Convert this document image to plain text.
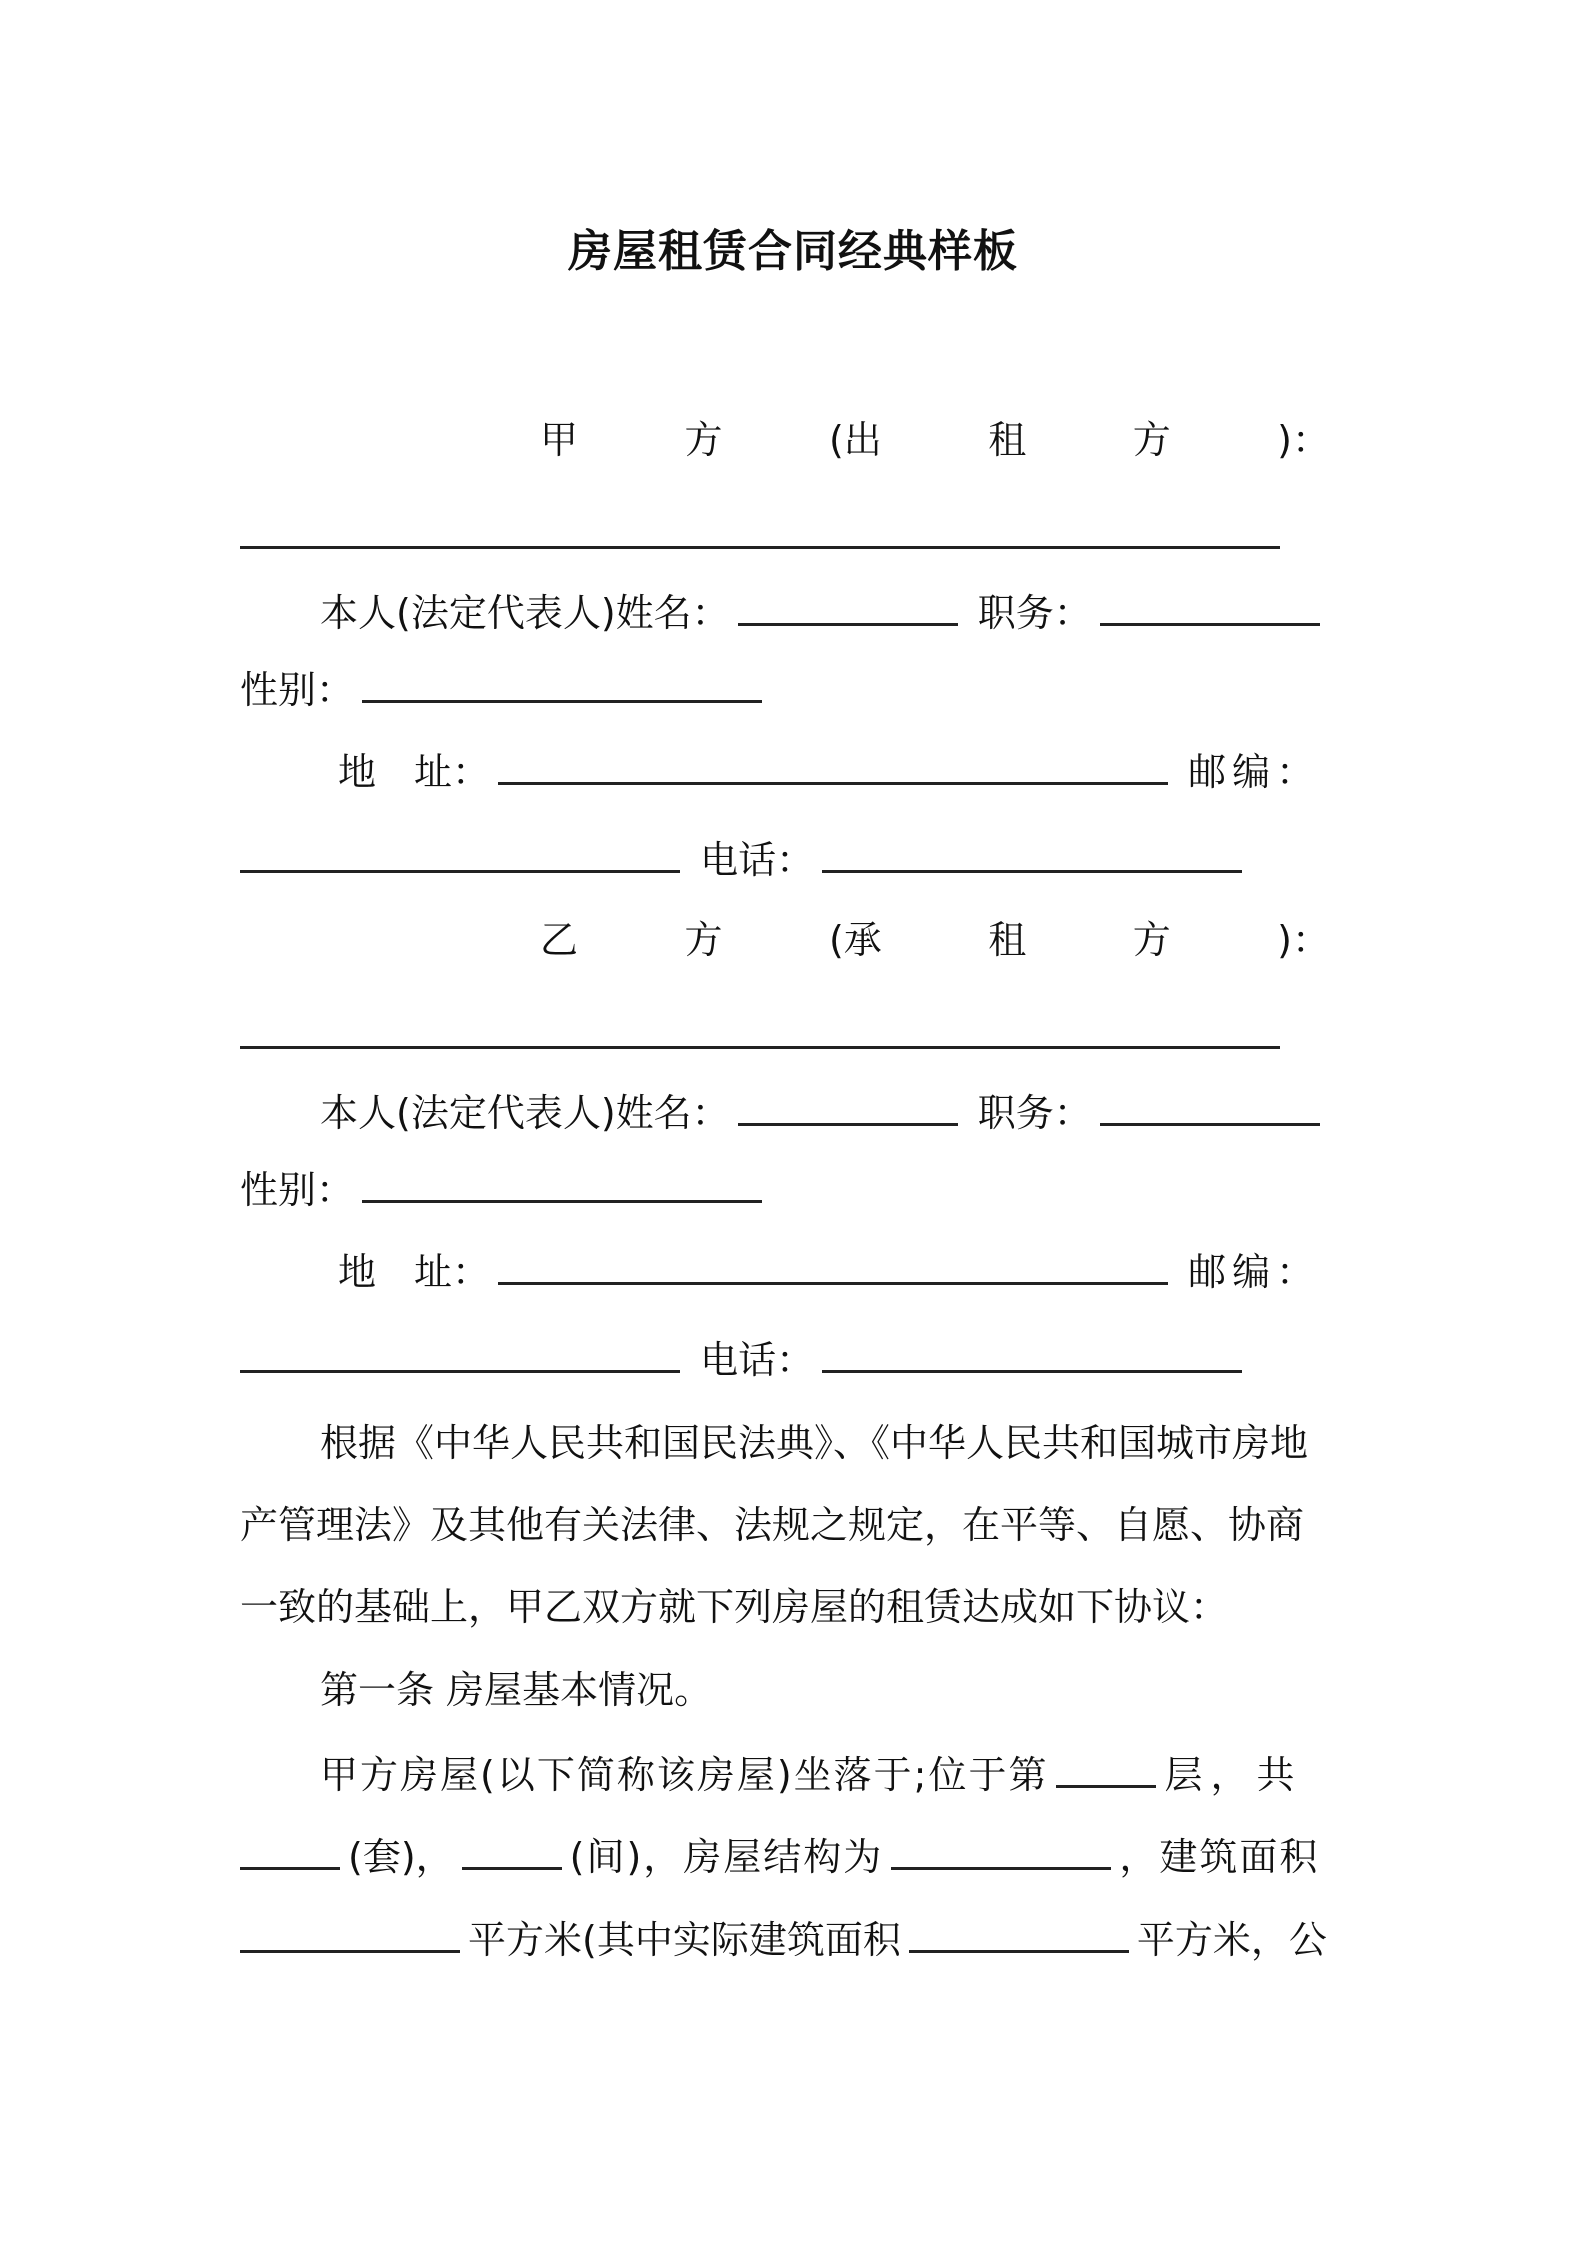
房屋租赁合同经典样板
甲	方	(出	租	方	)：
本人(法定代表人)姓名：	职务：
性别：
地　址：	邮编：
电话：
乙	方	(承	租	方	)：
本人(法定代表人)姓名：	职务：
性别：
地　址：	邮编：
电话：
根据《中华人民共和国民法典》、《中华人民共和国城市房地
产管理法》及其他有关法律、法规之规定，在平等、自愿、协商
一致的基础上，甲乙双方就下列房屋的租赁达成如下协议：
第一条 房屋基本情况。
甲方房屋(以下简称该房屋)坐落于;位于第	层，共
(套)，	(间)，房屋结构为	，建筑面积
平方米(其中实际建筑面积	平方米，公
